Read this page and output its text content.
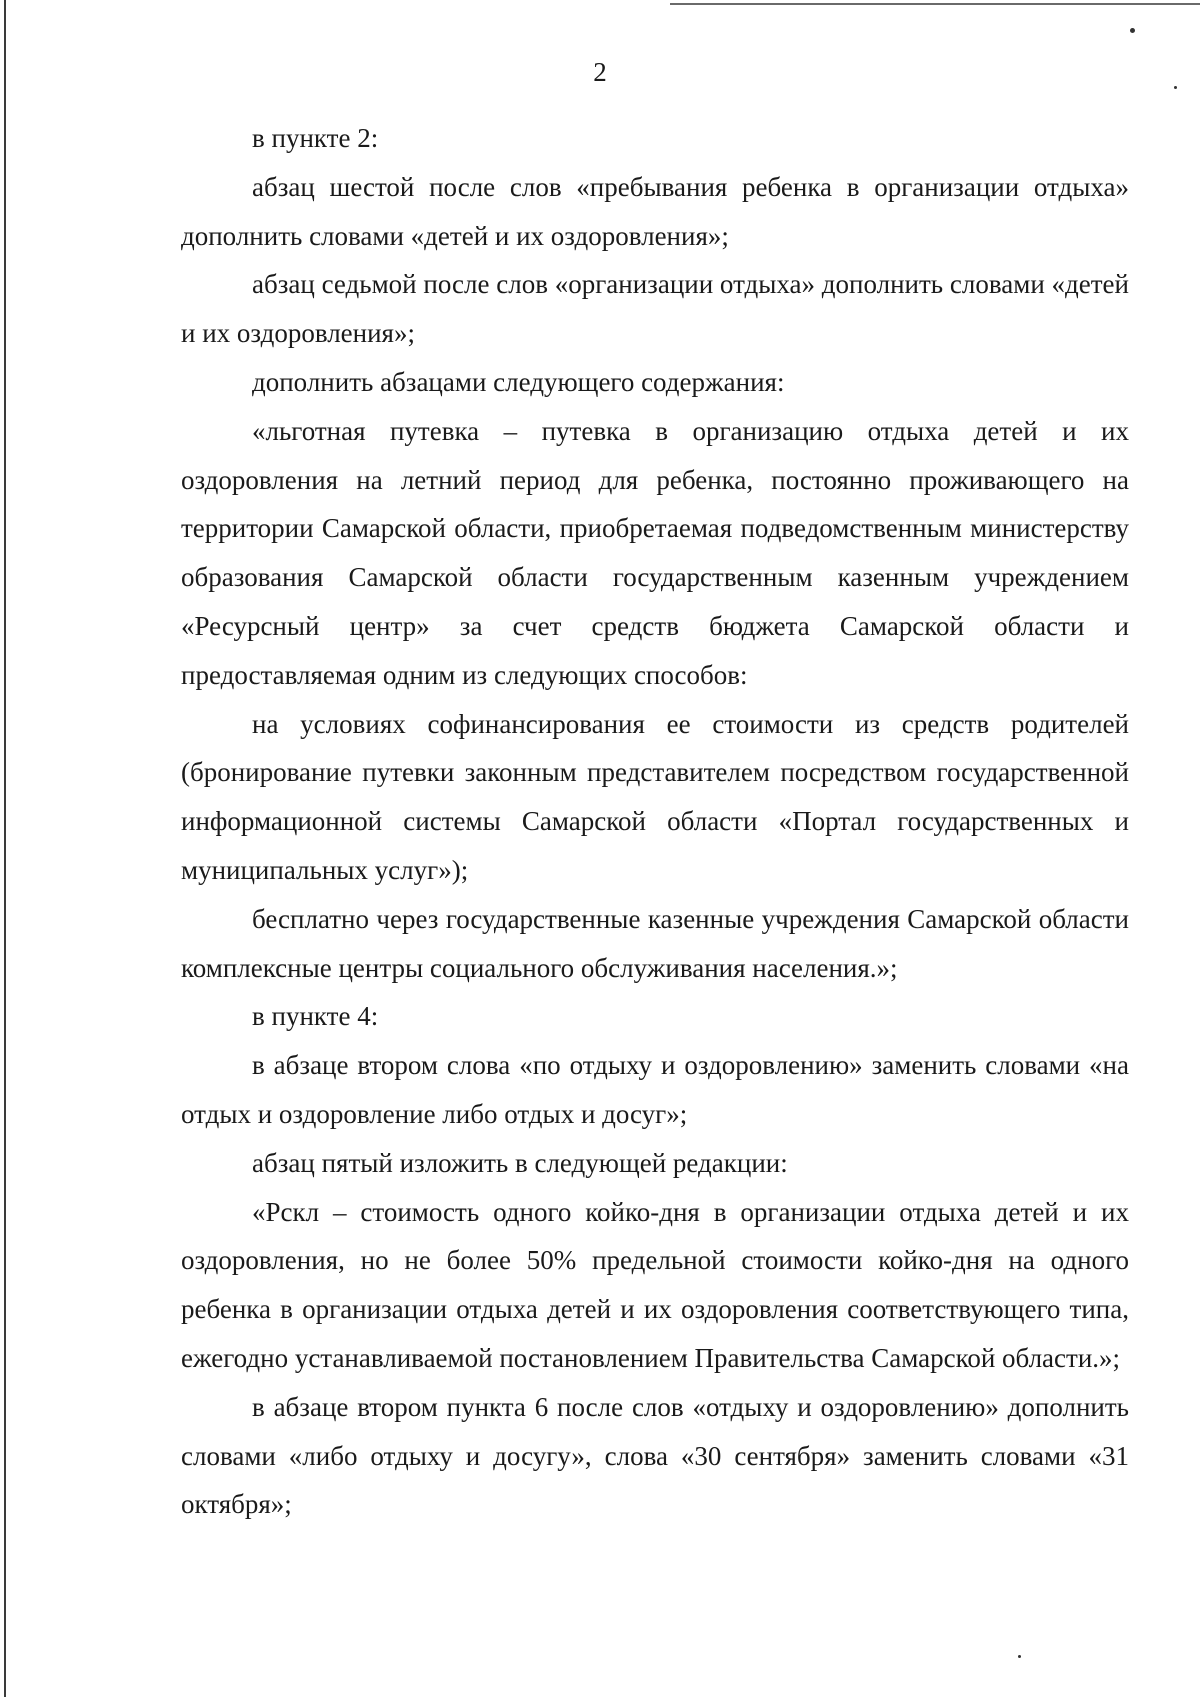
2

в пункте 2:

абзац шестой после слов «пребывания ребенка в организации отдыха» дополнить словами «детей и их оздоровления»;

абзац седьмой после слов «организации отдыха» дополнить словами «детей и их оздоровления»;

дополнить абзацами следующего содержания:

«льготная путевка – путевка в организацию отдыха детей и их оздоровления на летний период для ребенка, постоянно проживающего на территории Самарской области, приобретаемая подведомственным министерству образования Самарской области государственным казенным учреждением «Ресурсный центр» за счет средств бюджета Самарской области и предоставляемая одним из следующих способов:

на условиях софинансирования ее стоимости из средств родителей (бронирование путевки законным представителем посредством государственной информационной системы Самарской области «Портал государственных и муниципальных услуг»);

бесплатно через государственные казенные учреждения Самарской области комплексные центры социального обслуживания населения.»;

в пункте 4:

в абзаце втором слова «по отдыху и оздоровлению» заменить словами «на отдых и оздоровление либо отдых и досуг»;

абзац пятый изложить в следующей редакции:

«Рскл – стоимость одного койко-дня в организации отдыха детей и их оздоровления, но не более 50% предельной стоимости койко-дня на одного ребенка в организации отдыха детей и их оздоровления соответствующего типа, ежегодно устанавливаемой постановлением Правительства Самарской области.»;

в абзаце втором пункта 6 после слов «отдыху и оздоровлению» дополнить словами «либо отдыху и досугу», слова «30 сентября» заменить словами «31 октября»;
